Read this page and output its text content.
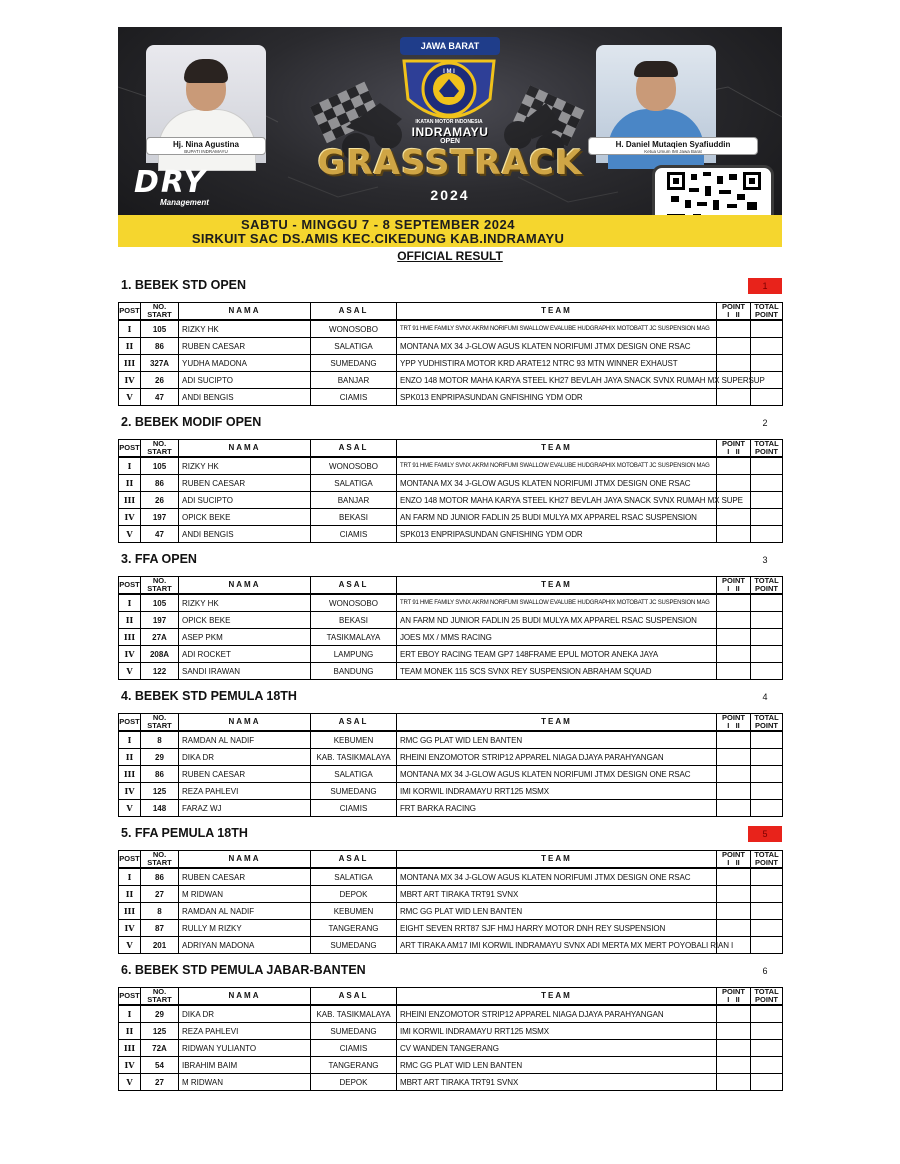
Hj. Nina Agustina
BUPATI INDRAMAYU
H. Daniel Mutaqien Syafiuddin
Ketua Umum IMI Jawa Barat
JAWA BARAT
I M I
IKATAN MOTOR INDONESIA
INDRAMAYU
OPEN
GRASSTRACK
2024
DRY
Management
SABTU - MINGGU 7 - 8 SEPTEMBER 2024
SIRKUIT SAC DS.AMIS KEC.CIKEDUNG KAB.INDRAMAYU
OFFICIAL RESULT
1. BEBEK STD OPEN	1
POST	NO.
START	NAMA	ASAL	TEAM	POINT
I   II	TOTAL
POINT
I	105	RIZKY HK	WONOSOBO	TRT 91 HME FAMILY SVNX AKRM NORIFUMI SWALLOW EVALUBE HUDGRAPHIX MOTOBATT JC SUSPENSION MAG		
II	86	RUBEN CAESAR	SALATIGA	MONTANA MX 34 J-GLOW AGUS KLATEN NORIFUMI JTMX DESIGN ONE RSAC		
III	327A	YUDHA MADONA	SUMEDANG	YPP YUDHISTIRA MOTOR KRD ARATE12 NTRC 93 MTN WINNER EXHAUST		
IV	26	ADI SUCIPTO	BANJAR	ENZO 148 MOTOR MAHA KARYA STEEL KH27 BEVLAH JAYA SNACK SVNX RUMAH MX SUPERSUP		
V	47	ANDI BENGIS	CIAMIS	SPK013 ENPRIPASUNDAN GNFISHING YDM ODR		
2. BEBEK MODIF OPEN	2
POST	NO.
START	NAMA	ASAL	TEAM	POINT
I   II	TOTAL
POINT
I	105	RIZKY HK	WONOSOBO	TRT 91 HME FAMILY SVNX AKRM NORIFUMI SWALLOW EVALUBE HUDGRAPHIX MOTOBATT JC SUSPENSION MAG		
II	86	RUBEN CAESAR	SALATIGA	MONTANA MX 34 J-GLOW AGUS KLATEN NORIFUMI JTMX DESIGN ONE RSAC		
III	26	ADI SUCIPTO	BANJAR	ENZO 148 MOTOR MAHA KARYA STEEL KH27 BEVLAH JAYA SNACK SVNX RUMAH MX SUPE		
IV	197	OPICK BEKE	BEKASI	AN FARM ND JUNIOR FADLIN 25 BUDI MULYA MX APPAREL RSAC SUSPENSION		
V	47	ANDI BENGIS	CIAMIS	SPK013 ENPRIPASUNDAN GNFISHING YDM ODR		
3. FFA OPEN	3
POST	NO.
START	NAMA	ASAL	TEAM	POINT
I   II	TOTAL
POINT
I	105	RIZKY HK	WONOSOBO	TRT 91 HME FAMILY SVNX AKRM NORIFUMI SWALLOW EVALUBE HUDGRAPHIX MOTOBATT JC SUSPENSION MAG		
II	197	OPICK BEKE	BEKASI	AN FARM ND JUNIOR FADLIN 25 BUDI MULYA MX APPAREL RSAC SUSPENSION		
III	27A	ASEP PKM	TASIKMALAYA	JOES MX / MMS RACING		
IV	208A	ADI ROCKET	LAMPUNG	ERT EBOY RACING TEAM GP7 148FRAME EPUL MOTOR ANEKA JAYA		
V	122	SANDI IRAWAN	BANDUNG	TEAM MONEK 115 SCS SVNX REY SUSPENSION ABRAHAM SQUAD		
4. BEBEK STD PEMULA 18TH	4
POST	NO.
START	NAMA	ASAL	TEAM	POINT
I   II	TOTAL
POINT
I	8	RAMDAN AL NADIF	KEBUMEN	RMC GG PLAT WID LEN BANTEN		
II	29	DIKA DR	KAB. TASIKMALAYA	RHEINI ENZOMOTOR STRIP12 APPAREL NIAGA DJAYA PARAHYANGAN		
III	86	RUBEN CAESAR	SALATIGA	MONTANA MX 34 J-GLOW AGUS KLATEN NORIFUMI JTMX DESIGN ONE RSAC		
IV	125	REZA PAHLEVI	SUMEDANG	IMI KORWIL INDRAMAYU RRT125 MSMX		
V	148	FARAZ WJ	CIAMIS	FRT BARKA RACING		
5. FFA PEMULA 18TH	5
POST	NO.
START	NAMA	ASAL	TEAM	POINT
I   II	TOTAL
POINT
I	86	RUBEN CAESAR	SALATIGA	MONTANA MX 34 J-GLOW AGUS KLATEN NORIFUMI JTMX DESIGN ONE RSAC		
II	27	M RIDWAN	DEPOK	MBRT ART TIRAKA TRT91 SVNX		
III	8	RAMDAN AL NADIF	KEBUMEN	RMC GG PLAT WID LEN BANTEN		
IV	87	RULLY M RIZKY	TANGERANG	EIGHT SEVEN RRT87 SJF HMJ HARRY MOTOR DNH REY SUSPENSION		
V	201	ADRIYAN MADONA	SUMEDANG	ART TIRAKA AM17 IMI KORWIL INDRAMAYU SVNX ADI MERTA MX MERT POYOBALI RIAN I		
6. BEBEK STD PEMULA JABAR-BANTEN	6
POST	NO.
START	NAMA	ASAL	TEAM	POINT
I   II	TOTAL
POINT
I	29	DIKA DR	KAB. TASIKMALAYA	RHEINI ENZOMOTOR STRIP12 APPAREL NIAGA DJAYA PARAHYANGAN		
II	125	REZA PAHLEVI	SUMEDANG	IMI KORWIL INDRAMAYU RRT125 MSMX		
III	72A	RIDWAN YULIANTO	CIAMIS	CV WANDEN TANGERANG		
IV	54	IBRAHIM BAIM	TANGERANG	RMC GG PLAT WID LEN BANTEN		
V	27	M RIDWAN	DEPOK	MBRT ART TIRAKA TRT91 SVNX		
